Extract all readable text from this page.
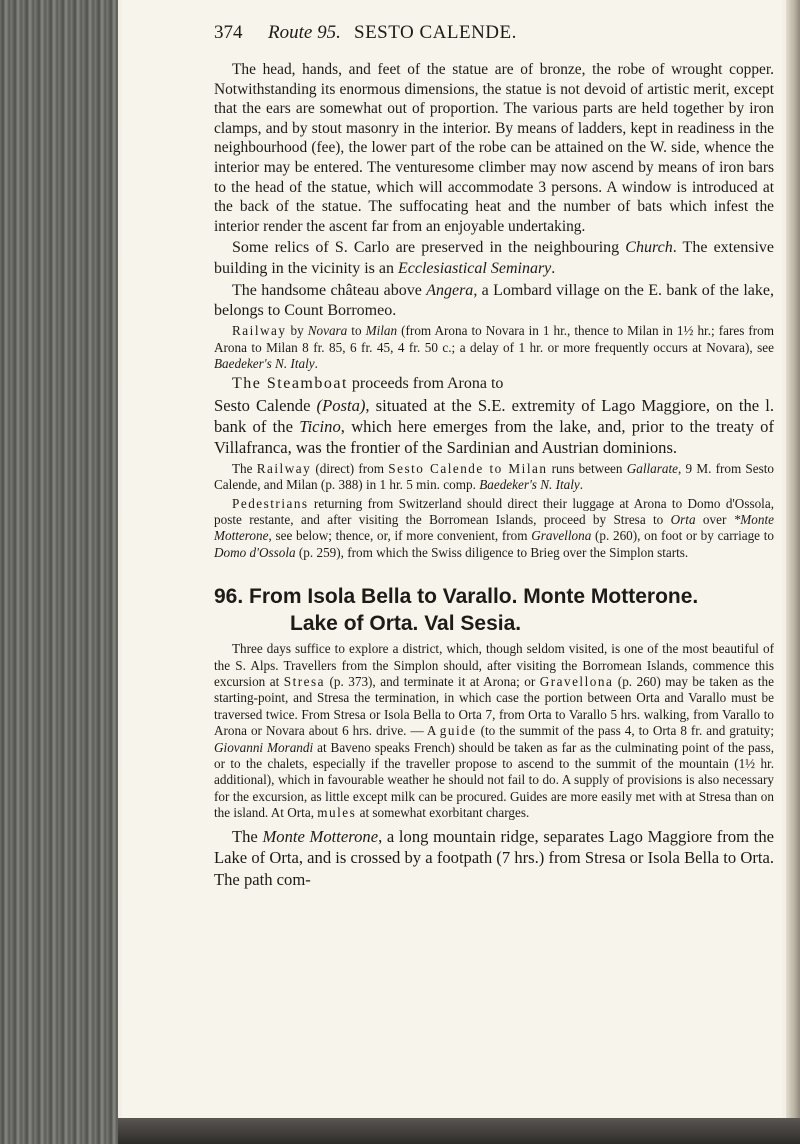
374	Route 95. SESTO CALENDE.

The head, hands, and feet of the statue are of bronze, the robe of wrought copper. Notwithstanding its enormous dimensions, the statue is not devoid of artistic merit, except that the ears are somewhat out of proportion. The various parts are held together by iron clamps, and by stout masonry in the interior. By means of ladders, kept in readiness in the neighbourhood (fee), the lower part of the robe can be attained on the W. side, whence the interior may be entered. The venturesome climber may now ascend by means of iron bars to the head of the statue, which will accommodate 3 persons. A window is introduced at the back of the statue. The suffocating heat and the number of bats which infest the interior render the ascent far from an enjoyable undertaking.

Some relics of S. Carlo are preserved in the neighbouring Church. The extensive building in the vicinity is an Ecclesiastical Seminary.

The handsome château above Angera, a Lombard village on the E. bank of the lake, belongs to Count Borromeo.

Railway by Novara to Milan (from Arona to Novara in 1 hr., thence to Milan in 1½ hr.; fares from Arona to Milan 8 fr. 85, 6 fr. 45, 4 fr. 50 c.; a delay of 1 hr. or more frequently occurs at Novara), see Baedeker's N. Italy.

The Steamboat proceeds from Arona to

Sesto Calende (Posta), situated at the S.E. extremity of Lago Maggiore, on the l. bank of the Ticino, which here emerges from the lake, and, prior to the treaty of Villafranca, was the frontier of the Sardinian and Austrian dominions.

The Railway (direct) from Sesto Calende to Milan runs between Gallarate, 9 M. from Sesto Calende, and Milan (p. 388) in 1 hr. 5 min. comp. Baedeker's N. Italy.

Pedestrians returning from Switzerland should direct their luggage at Arona to Domo d'Ossola, poste restante, and after visiting the Borromean Islands, proceed by Stresa to Orta over *Monte Motterone, see below; thence, or, if more convenient, from Gravellona (p. 260), on foot or by carriage to Domo d'Ossola (p. 259), from which the Swiss diligence to Brieg over the Simplon starts.

96. From Isola Bella to Varallo. Monte Motterone.
Lake of Orta. Val Sesia.

Three days suffice to explore a district, which, though seldom visited, is one of the most beautiful of the S. Alps. Travellers from the Simplon should, after visiting the Borromean Islands, commence this excursion at Stresa (p. 373), and terminate it at Arona; or Gravellona (p. 260) may be taken as the starting-point, and Stresa the termination, in which case the portion between Orta and Varallo must be traversed twice. From Stresa or Isola Bella to Orta 7, from Orta to Varallo 5 hrs. walking, from Varallo to Arona or Novara about 6 hrs. drive. — A guide (to the summit of the pass 4, to Orta 8 fr. and gratuity; Giovanni Morandi at Baveno speaks French) should be taken as far as the culminating point of the pass, or to the chalets, especially if the traveller propose to ascend to the summit of the mountain (1½ hr. additional), which in favourable weather he should not fail to do. A supply of provisions is also necessary for the excursion, as little except milk can be procured. Guides are more easily met with at Stresa than on the island. At Orta, mules at somewhat exorbitant charges.

The Monte Motterone, a long mountain ridge, separates Lago Maggiore from the Lake of Orta, and is crossed by a footpath (7 hrs.) from Stresa or Isola Bella to Orta. The path com-
